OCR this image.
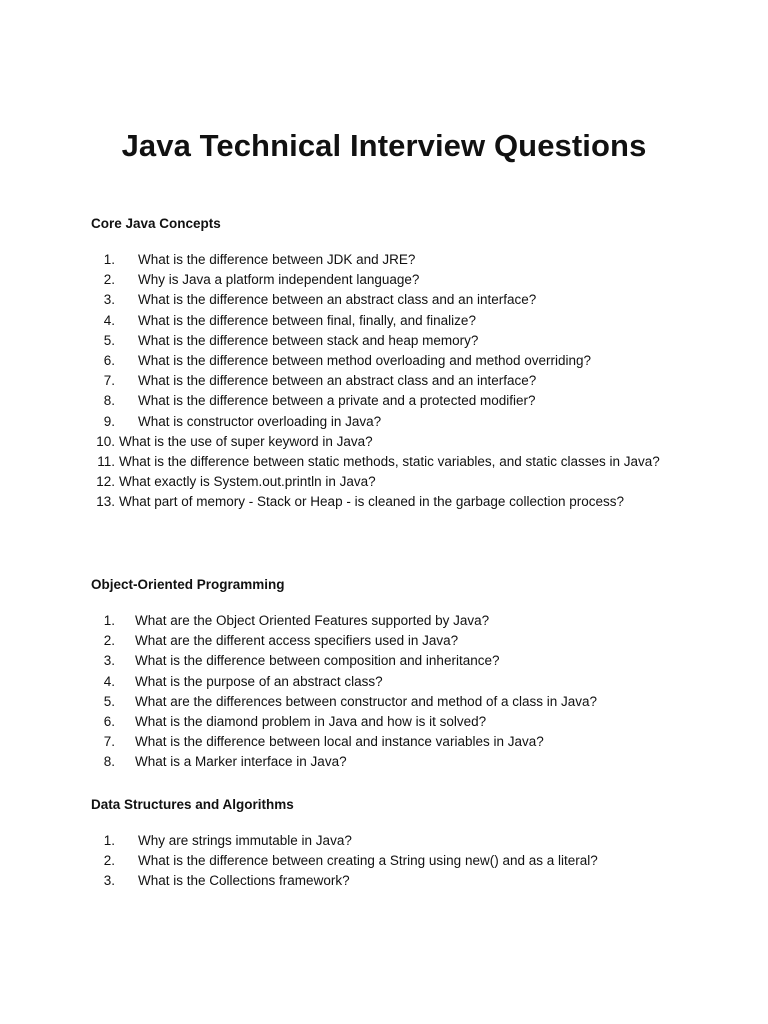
Java Technical Interview Questions
Core Java Concepts
1.	What is the difference between JDK and JRE?
2.	Why is Java a platform independent language?
3.	What is the difference between an abstract class and an interface?
4.	What is the difference between final, finally, and finalize?
5.	What is the difference between stack and heap memory?
6.	What is the difference between method overloading and method overriding?
7.	What is the difference between an abstract class and an interface?
8.	What is the difference between a private and a protected modifier?
9.	What is constructor overloading in Java?
10. What is the use of super keyword in Java?
11. What is the difference between static methods, static variables, and static classes in Java?
12. What exactly is System.out.println in Java?
13. What part of memory - Stack or Heap - is cleaned in the garbage collection process?
Object-Oriented Programming
1.	What are the Object Oriented Features supported by Java?
2.	What are the different access specifiers used in Java?
3.	What is the difference between composition and inheritance?
4.	What is the purpose of an abstract class?
5.	What are the differences between constructor and method of a class in Java?
6.	What is the diamond problem in Java and how is it solved?
7.	What is the difference between local and instance variables in Java?
8.	What is a Marker interface in Java?
Data Structures and Algorithms
1.	Why are strings immutable in Java?
2.	What is the difference between creating a String using new() and as a literal?
3.	What is the Collections framework?
